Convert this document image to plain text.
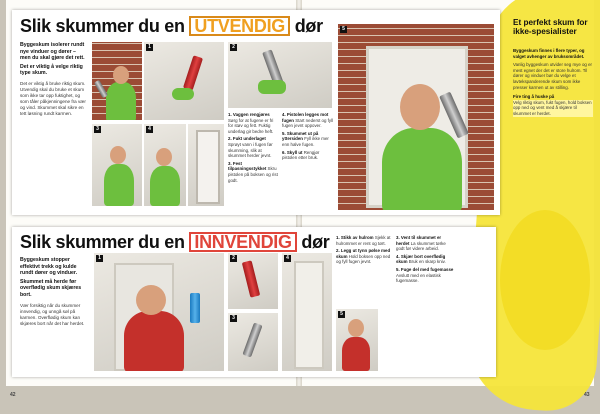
Slik skummer du en UTVENDIG dør
Byggeskum isolerer rundt nye vinduer og dører – men du skal gjøre det rett.
Det er viktig å velge riktig type skum.
Det er viktig å bruke riktig skum. Utvendig skal du bruke et skum som ikke tar opp fuktighet, og som tåler påkjenningene fra vær og vind. Skummet skal sikre en tett løsning rundt karmen.
1
3	4

1. Vaggen rengjøres Sørg for at fugene er fri for støv og fett. Fuktig underlag gir bedre heft.

2. Fukt underlaget Sprøyt vann i fugen før skumming, slik at skummet herder jevnt.

3. Fest tilpasningsstykket Skru pistolen på boksen og rist godt.

4. Pistolen legges mot fugen Start nederst og fyll fugen jevnt oppover.

5. Skummet ut på yttersiden Fyll ikke mer enn halve fugen.

6. Skyll ut Rengjør pistolen etter bruk.

2
5
Slik skummer du en INNVENDIG dør
Byggeskum stopper effektivt trekk og kulde rundt dører og vinduer.
Skummet må herde før overflødig skum skjæres bort.
Vær forsiktig når du skummer innvendig, og unngå søl på karmen. Overflødig skum kan skjæres bort når det har herdet.
1	2
3
4
5

1. Stikk av hulrom Sjekk at hulrommet er rent og tørt.

2. Legg ut tynn pølse med skum Hold boksen opp ned og fyll fugen jevnt.

3. Vent til skummet er herdet La skummet tørke godt før videre arbeid.

4. Skjær bort overflødig skum Bruk en skarp kniv.

5. Fuge del med fugemasse Avslutt med en elastisk fugemasse.

Et perfekt skum for ikke-spesialister
Byggeskum finnes i flere typer, og valget avhenger av bruksområdet.
Vanlig byggeskum utvider seg mye og er mest egnet der det er store hulrom. Til dører og vinduer bør du velge et lavtekspanderende skum som ikke presser karmen ut av stilling.
Fire ting å huske på
Velg riktig skum, fukt fugen, hold boksen opp ned og vent med å skjære til skummet er herdet.
42	43
